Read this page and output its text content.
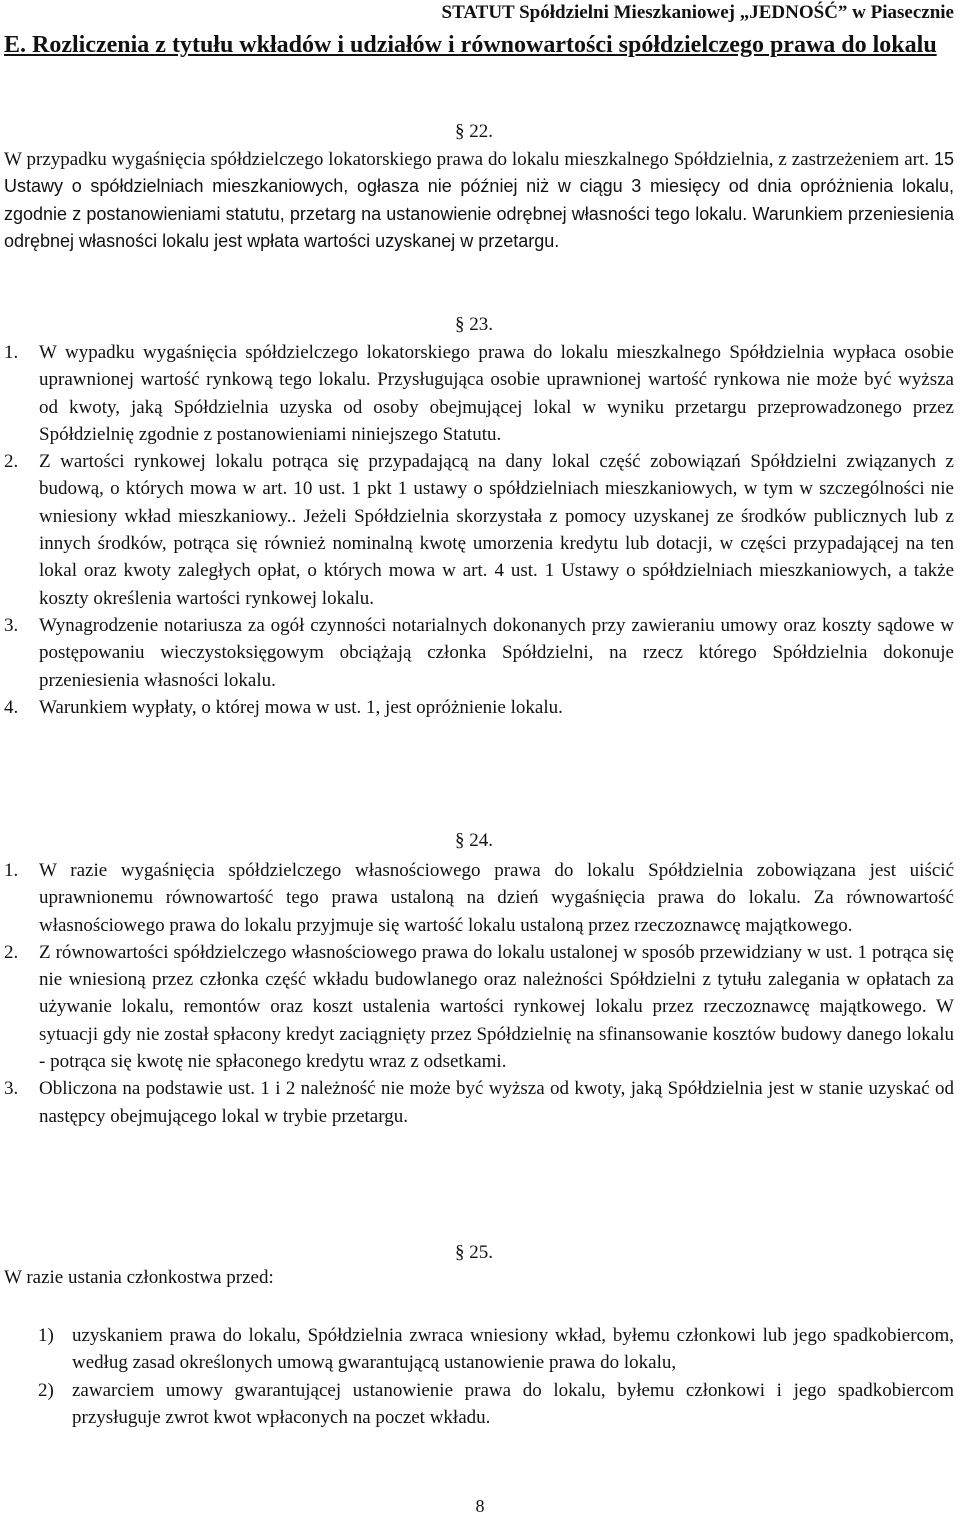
STATUT Spółdzielni Mieszkaniowej „JEDNOŚĆ” w Piasecznie
E. Rozliczenia z tytułu wkładów i udziałów i równowartości spółdzielczego prawa do lokalu
§ 22.
W przypadku wygaśnięcia spółdzielczego lokatorskiego prawa do lokalu mieszkalnego Spółdzielnia, z zastrzeżeniem art. 15 Ustawy o spółdzielniach mieszkaniowych, ogłasza nie później niż w ciągu 3 miesięcy od dnia opróżnienia lokalu, zgodnie z postanowieniami statutu, przetarg na ustanowienie odrębnej własności tego lokalu. Warunkiem przeniesienia odrębnej własności lokalu jest wpłata wartości uzyskanej w przetargu.
§ 23.
1. W wypadku wygaśnięcia spółdzielczego lokatorskiego prawa do lokalu mieszkalnego Spółdzielnia wypłaca osobie uprawnionej wartość rynkową tego lokalu. Przysługująca osobie uprawnionej wartość rynkowa nie może być wyższa od kwoty, jaką Spółdzielnia uzyska od osoby obejmującej lokal w wyniku przetargu przeprowadzonego przez Spółdzielnię zgodnie z postanowieniami niniejszego Statutu.
2. Z wartości rynkowej lokalu potrąca się przypadającą na dany lokal część zobowiązań Spółdzielni związanych z budową, o których mowa w art. 10 ust. 1 pkt 1 ustawy o spółdzielniach mieszkaniowych, w tym w szczególności nie wniesiony wkład mieszkaniowy.. Jeżeli Spółdzielnia skorzystała z pomocy uzyskanej ze środków publicznych lub z innych środków, potrąca się również nominalną kwotę umorzenia kredytu lub dotacji, w części przypadającej na ten lokal oraz kwoty zaległych opłat, o których mowa w art. 4 ust. 1 Ustawy o spółdzielniach mieszkaniowych, a także koszty określenia wartości rynkowej lokalu.
3. Wynagrodzenie notariusza za ogół czynności notarialnych dokonanych przy zawieraniu umowy oraz koszty sądowe w postępowaniu wieczystoksięgowym obciążają członka Spółdzielni, na rzecz którego Spółdzielnia dokonuje przeniesienia własności lokalu.
4. Warunkiem wypłaty, o której mowa w ust. 1, jest opróżnienie lokalu.
§ 24.
1. W razie wygaśnięcia spółdzielczego własnościowego prawa do lokalu Spółdzielnia zobowiązana jest uiścić uprawnionemu równowartość tego prawa ustaloną na dzień wygaśnięcia prawa do lokalu. Za równowartość własnościowego prawa do lokalu przyjmuje się wartość lokalu ustaloną przez rzeczoznawcę majątkowego.
2. Z równowartości spółdzielczego własnościowego prawa do lokalu ustalonej w sposób przewidziany w ust. 1 potrąca się nie wniesioną przez członka część wkładu budowlanego oraz należności Spółdzielni z tytułu zalegania w opłatach za używanie lokalu, remontów oraz koszt ustalenia wartości rynkowej lokalu przez rzeczoznawcę majątkowego. W sytuacji gdy nie został spłacony kredyt zaciągnięty przez Spółdzielnię na sfinansowanie kosztów budowy danego lokalu - potrąca się kwotę nie spłaconego kredytu wraz z odsetkami.
3. Obliczona na podstawie ust. 1 i 2 należność nie może być wyższa od kwoty, jaką Spółdzielnia jest w stanie uzyskać od następcy obejmującego lokal w trybie przetargu.
§ 25.
W razie ustania członkostwa przed:
1) uzyskaniem prawa do lokalu, Spółdzielnia zwraca wniesiony wkład, byłemu członkowi lub jego spadkobiercom, według zasad określonych umową gwarantującą ustanowienie prawa do lokalu,
2) zawarciem umowy gwarantującej ustanowienie prawa do lokalu, byłemu członkowi i jego spadkobiercom przysługuje zwrot kwot wpłaconych na poczet wkładu.
8
